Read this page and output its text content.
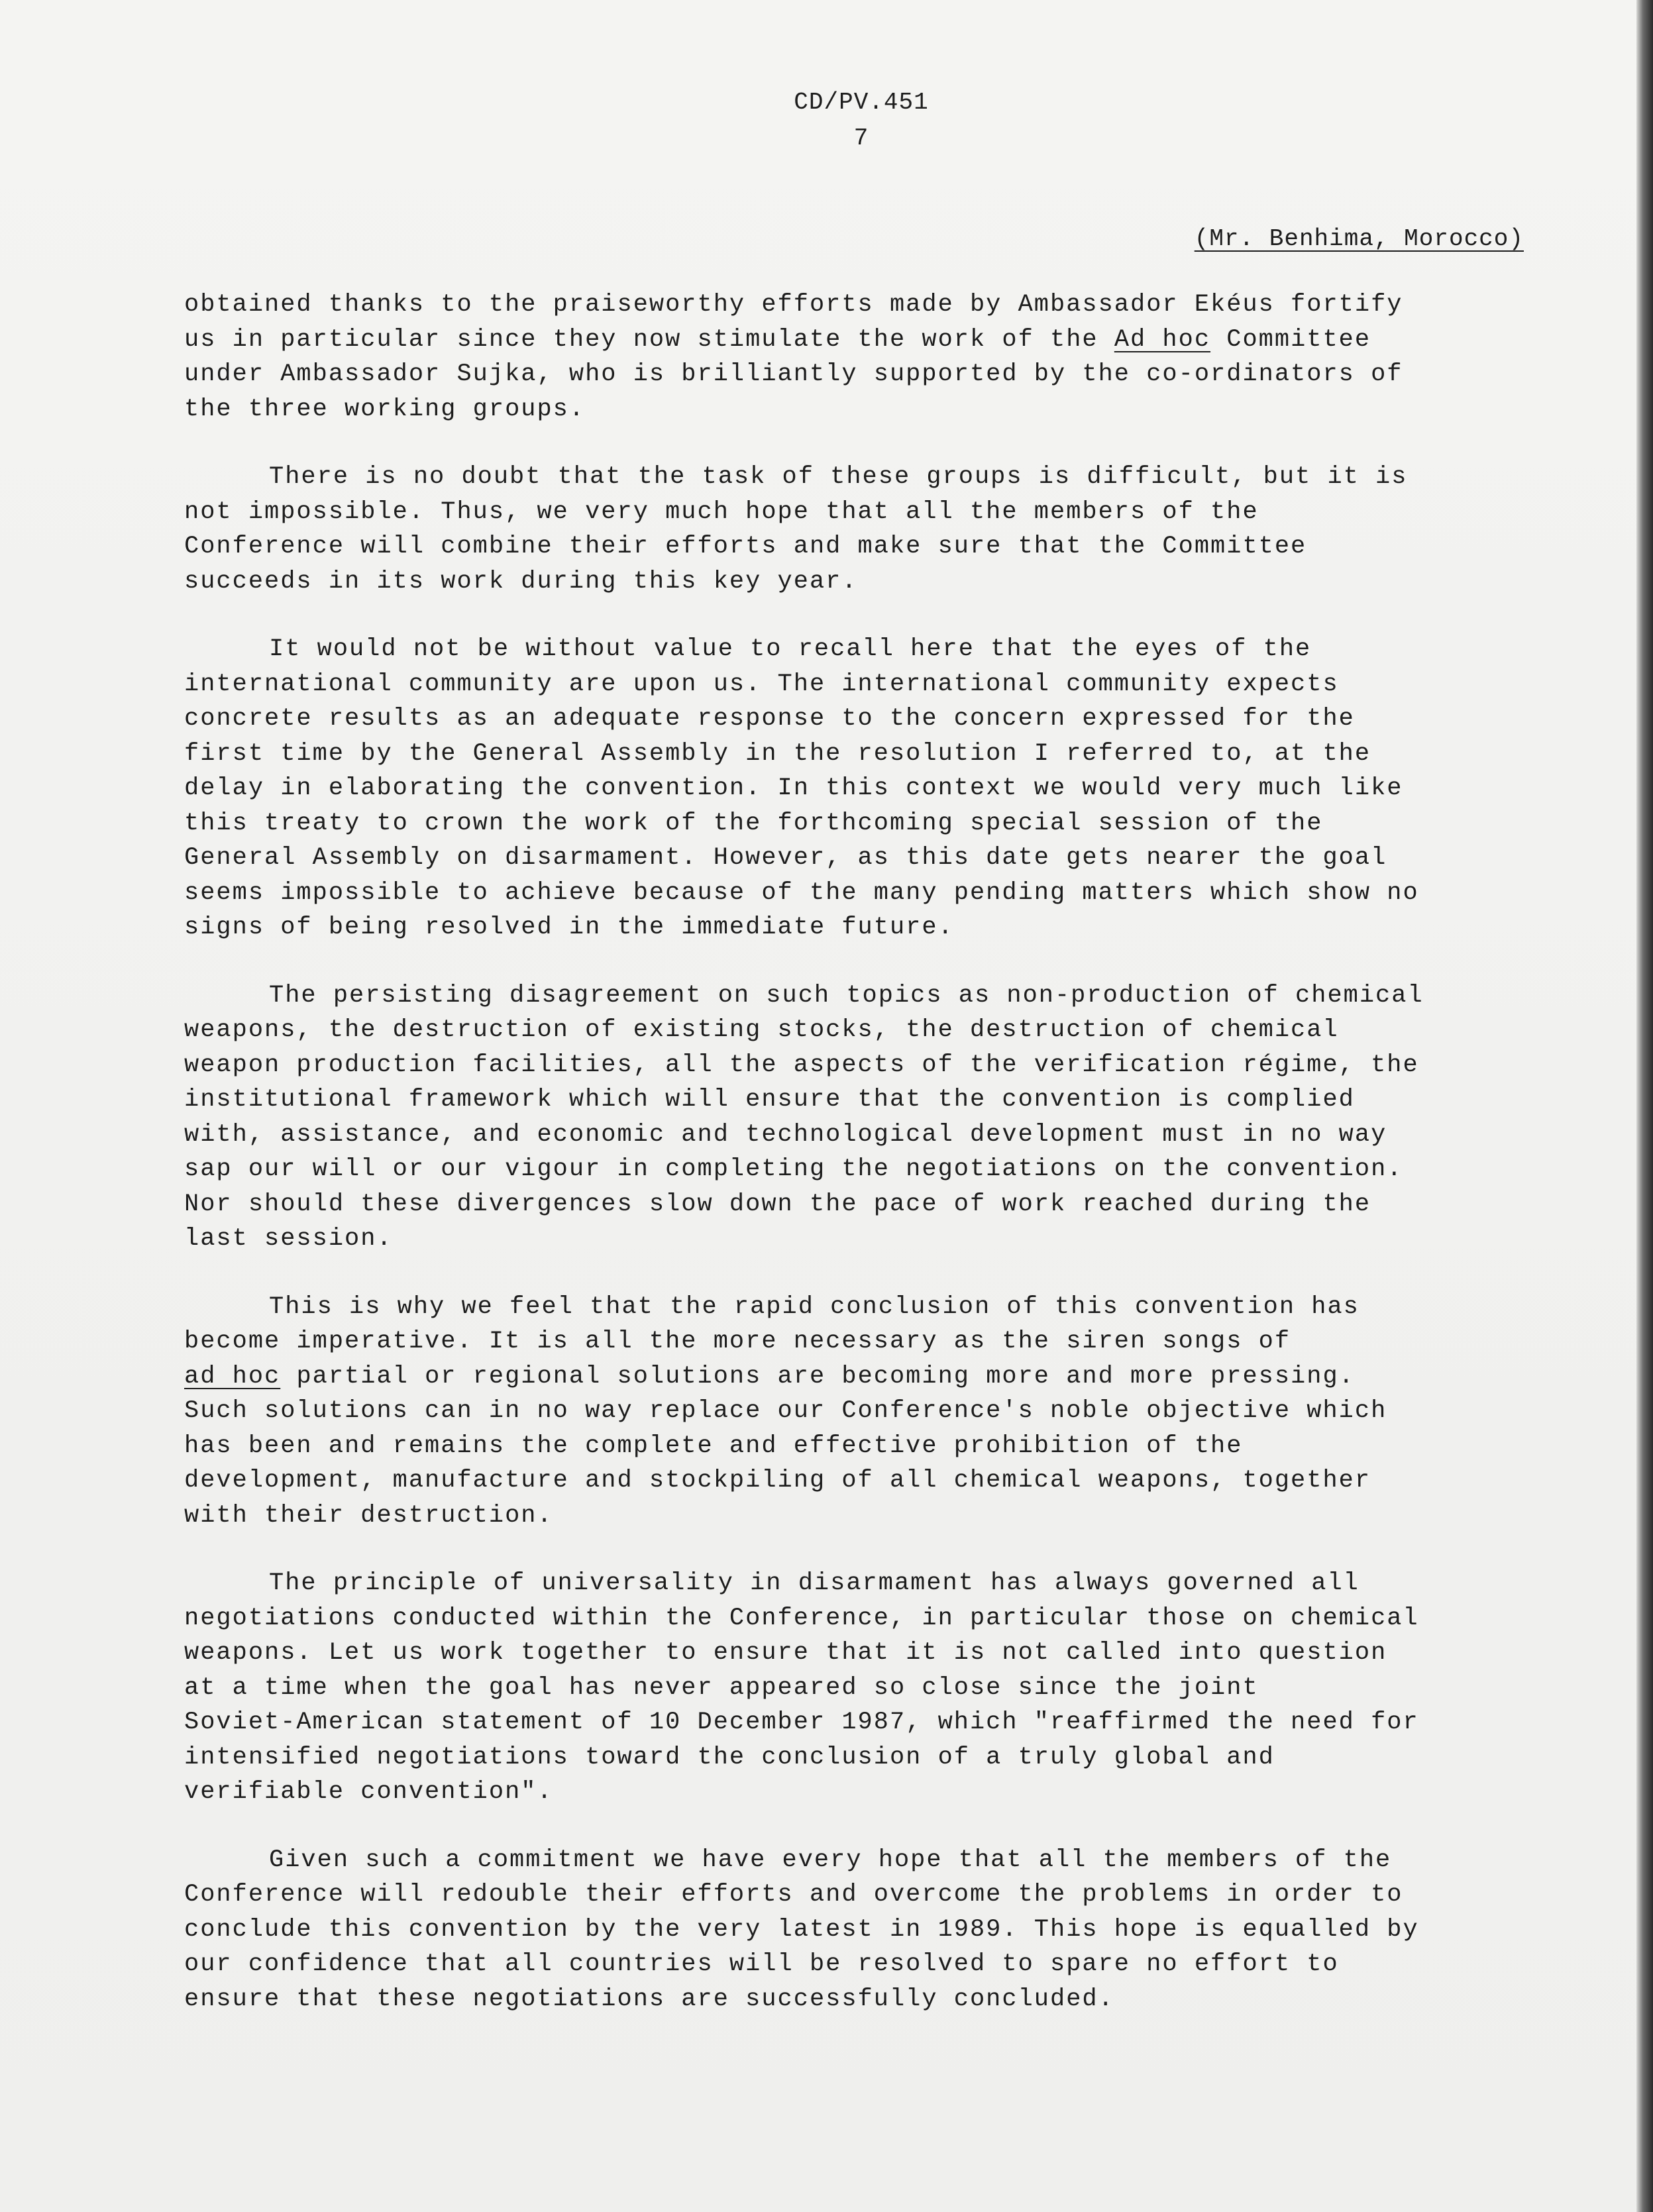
CD/PV.451
7
(Mr. Benhima, Morocco)
obtained thanks to the praiseworthy efforts made by Ambassador Ekéus fortify
us in particular since they now stimulate the work of the Ad hoc Committee
under Ambassador Sujka, who is brilliantly supported by the co-ordinators of
the three working groups.
There is no doubt that the task of these groups is difficult, but it is
not impossible. Thus, we very much hope that all the members of the
Conference will combine their efforts and make sure that the Committee
succeeds in its work during this key year.
It would not be without value to recall here that the eyes of the
international community are upon us. The international community expects
concrete results as an adequate response to the concern expressed for the
first time by the General Assembly in the resolution I referred to, at the
delay in elaborating the convention. In this context we would very much like
this treaty to crown the work of the forthcoming special session of the
General Assembly on disarmament. However, as this date gets nearer the goal
seems impossible to achieve because of the many pending matters which show no
signs of being resolved in the immediate future.
The persisting disagreement on such topics as non-production of chemical
weapons, the destruction of existing stocks, the destruction of chemical
weapon production facilities, all the aspects of the verification régime, the
institutional framework which will ensure that the convention is complied
with, assistance, and economic and technological development must in no way
sap our will or our vigour in completing the negotiations on the convention.
Nor should these divergences slow down the pace of work reached during the
last session.
This is why we feel that the rapid conclusion of this convention has
become imperative. It is all the more necessary as the siren songs of
ad hoc partial or regional solutions are becoming more and more pressing.
Such solutions can in no way replace our Conference's noble objective which
has been and remains the complete and effective prohibition of the
development, manufacture and stockpiling of all chemical weapons, together
with their destruction.
The principle of universality in disarmament has always governed all
negotiations conducted within the Conference, in particular those on chemical
weapons. Let us work together to ensure that it is not called into question
at a time when the goal has never appeared so close since the joint
Soviet-American statement of 10 December 1987, which "reaffirmed the need for
intensified negotiations toward the conclusion of a truly global and
verifiable convention".
Given such a commitment we have every hope that all the members of the
Conference will redouble their efforts and overcome the problems in order to
conclude this convention by the very latest in 1989. This hope is equalled by
our confidence that all countries will be resolved to spare no effort to
ensure that these negotiations are successfully concluded.
